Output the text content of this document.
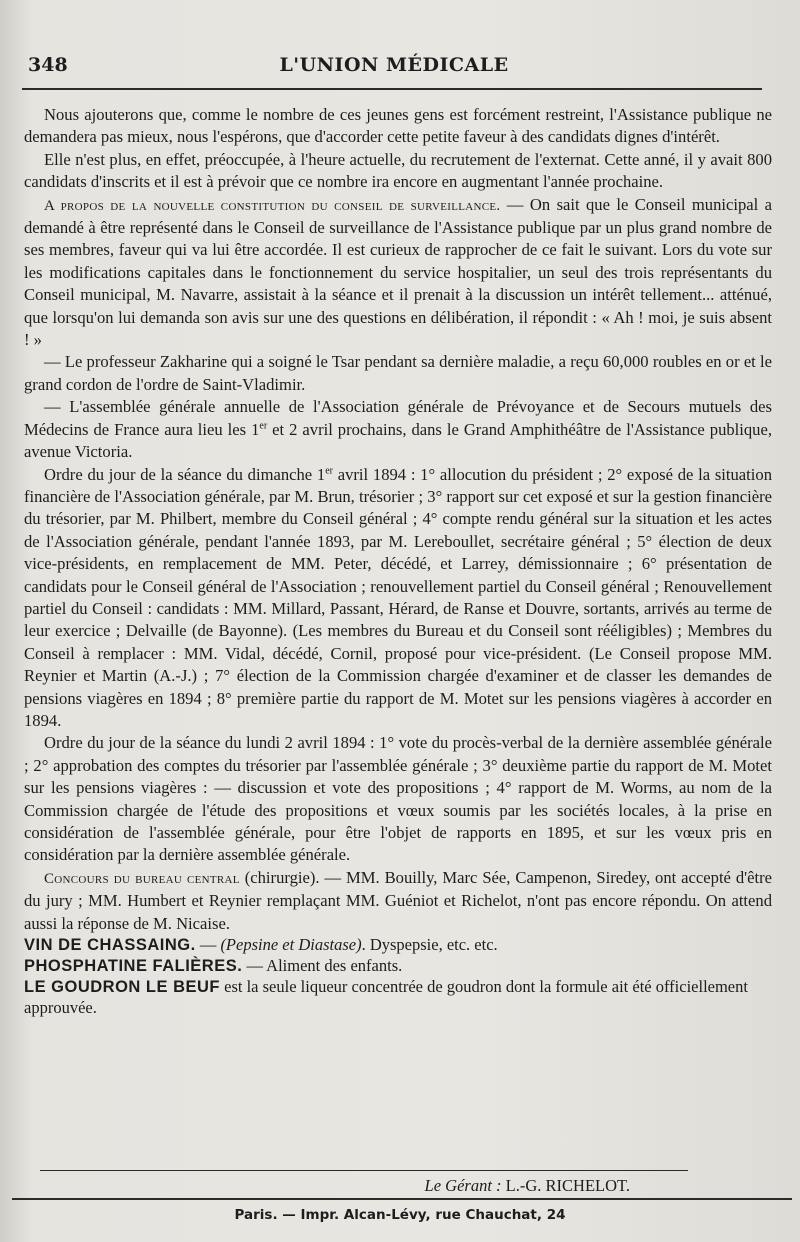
348	L'UNION MÉDICALE

Nous ajouterons que, comme le nombre de ces jeunes gens est forcément restreint, l'Assistance publique ne demandera pas mieux, nous l'espérons, que d'accorder cette petite faveur à des candidats dignes d'intérêt.

Elle n'est plus, en effet, préoccupée, à l'heure actuelle, du recrutement de l'externat. Cette anné, il y avait 800 candidats d'inscrits et il est à prévoir que ce nombre ira encore en augmentant l'année prochaine.

A propos de la nouvelle constitution du conseil de surveillance. — On sait que le Conseil municipal a demandé à être représenté dans le Conseil de surveillance de l'Assistance publique par un plus grand nombre de ses membres, faveur qui va lui être accordée. Il est curieux de rapprocher de ce fait le suivant. Lors du vote sur les modifications capitales dans le fonctionnement du service hospitalier, un seul des trois représentants du Conseil municipal, M. Navarre, assistait à la séance et il prenait à la discussion un intérêt tellement... atténué, que lorsqu'on lui demanda son avis sur une des questions en délibération, il répondit : « Ah ! moi, je suis absent ! »

— Le professeur Zakharine qui a soigné le Tsar pendant sa dernière maladie, a reçu 60,000 roubles en or et le grand cordon de l'ordre de Saint-Vladimir.

— L'assemblée générale annuelle de l'Association générale de Prévoyance et de Secours mutuels des Médecins de France aura lieu les 1er et 2 avril prochains, dans le Grand Amphithéâtre de l'Assistance publique, avenue Victoria.

Ordre du jour de la séance du dimanche 1er avril 1894 : 1° allocution du président ; 2° exposé de la situation financière de l'Association générale, par M. Brun, trésorier ; 3° rapport sur cet exposé et sur la gestion financière du trésorier, par M. Philbert, membre du Conseil général ; 4° compte rendu général sur la situation et les actes de l'Association générale, pendant l'année 1893, par M. Lereboullet, secrétaire général ; 5° élection de deux vice-présidents, en remplacement de MM. Peter, décédé, et Larrey, démissionnaire ; 6° présentation de candidats pour le Conseil général de l'Association ; renouvellement partiel du Conseil général ; Renouvellement partiel du Conseil : candidats : MM. Millard, Passant, Hérard, de Ranse et Douvre, sortants, arrivés au terme de leur exercice ; Delvaille (de Bayonne). (Les membres du Bureau et du Conseil sont rééligibles) ; Membres du Conseil à remplacer : MM. Vidal, décédé, Cornil, proposé pour vice-président. (Le Conseil propose MM. Reynier et Martin (A.-J.) ; 7° élection de la Commission chargée d'examiner et de classer les demandes de pensions viagères en 1894 ; 8° première partie du rapport de M. Motet sur les pensions viagères à accorder en 1894.

Ordre du jour de la séance du lundi 2 avril 1894 : 1° vote du procès-verbal de la dernière assemblée générale ; 2° approbation des comptes du trésorier par l'assemblée générale ; 3° deuxième partie du rapport de M. Motet sur les pensions viagères : — discussion et vote des propositions ; 4° rapport de M. Worms, au nom de la Commission chargée de l'étude des propositions et vœux soumis par les sociétés locales, à la prise en considération de l'assemblée générale, pour être l'objet de rapports en 1895, et sur les vœux pris en considération par la dernière assemblée générale.

Concours du bureau central (chirurgie). — MM. Bouilly, Marc Sée, Campenon, Siredey, ont accepté d'être du jury ; MM. Humbert et Reynier remplaçant MM. Guéniot et Richelot, n'ont pas encore répondu. On attend aussi la réponse de M. Nicaise.

VIN DE CHASSAING. — (Pepsine et Diastase). Dyspepsie, etc. etc.

PHOSPHATINE FALIÈRES. — Aliment des enfants.

LE GOUDRON LE BEUF est la seule liqueur concentrée de goudron dont la formule ait été officiellement approuvée.

Le Gérant : L.-G. RICHELOT.
Paris. — Impr. Alcan-Lévy, rue Chauchat, 24
